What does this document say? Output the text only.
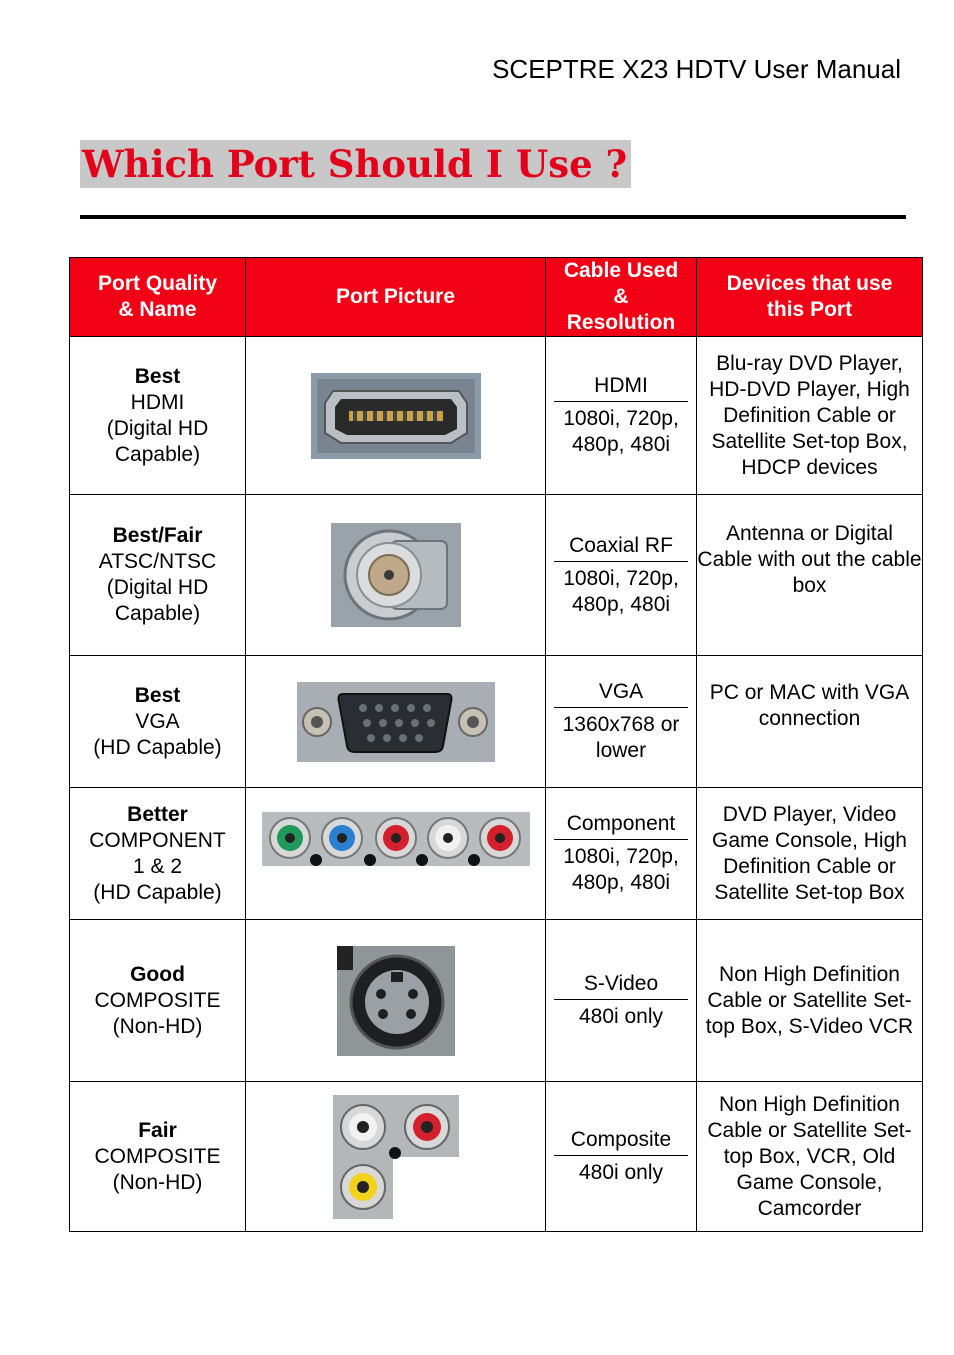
SCEPTRE X23 HDTV User Manual
Which Port Should I Use ?
Port Quality
& Name	Port Picture	Cable Used
&
Resolution	Devices that use
this Port

Best
HDMI
(Digital HD
Capable)		HDMI
1080i, 720p, 480p, 480i	Blu-ray DVD Player, HD-DVD Player, High Definition Cable or Satellite Set-top Box, HDCP devices

Best/Fair
ATSC/NTSC
(Digital HD
Capable)		Coaxial RF
1080i, 720p, 480p, 480i	Antenna or Digital Cable with out the cable box

Best
VGA
(HD Capable)		VGA
1360x768 or lower	PC or MAC with VGA connection

Better
COMPONENT
1 & 2
(HD Capable)		Component
1080i, 720p, 480p, 480i	DVD Player, Video Game Console, High Definition Cable or Satellite Set-top Box

Good
COMPOSITE
(Non-HD)		S-Video
480i only	Non High Definition Cable or Satellite Set-top Box, S-Video VCR

Fair
COMPOSITE
(Non-HD)		Composite
480i only	Non High Definition Cable or Satellite Set-top Box, VCR, Old Game Console, Camcorder
